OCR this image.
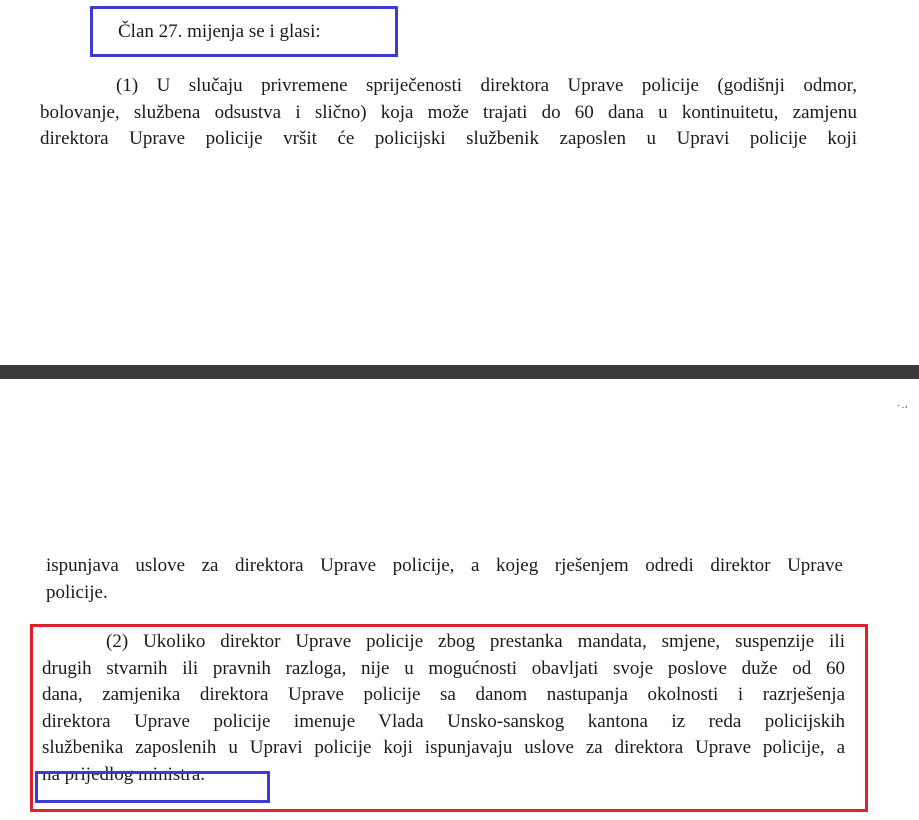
Član 27. mijenja se i glasi:
(1) U slučaju privremene spriječenosti direktora Uprave policije (godišnji odmor,
bolovanje, službena odsustva i slično) koja može trajati do 60 dana u kontinuitetu, zamjenu
direktora Uprave policije vršit će policijski službenik zaposlen u Upravi policije koji
٠.،
ispunjava uslove za direktora Uprave policije, a kojeg rješenjem odredi direktor Uprave
policije.
(2) Ukoliko direktor Uprave policije zbog prestanka mandata, smjene, suspenzije ili
drugih stvarnih ili pravnih razloga, nije u mogućnosti obavljati svoje poslove duže od 60
dana, zamjenika direktora Uprave policije sa danom nastupanja okolnosti i razrješenja
direktora Uprave policije imenuje Vlada Unsko-sanskog kantona iz reda policijskih
službenika zaposlenih u Upravi policije koji ispunjavaju uslove za direktora Uprave policije, a
na prijedlog ministra.
